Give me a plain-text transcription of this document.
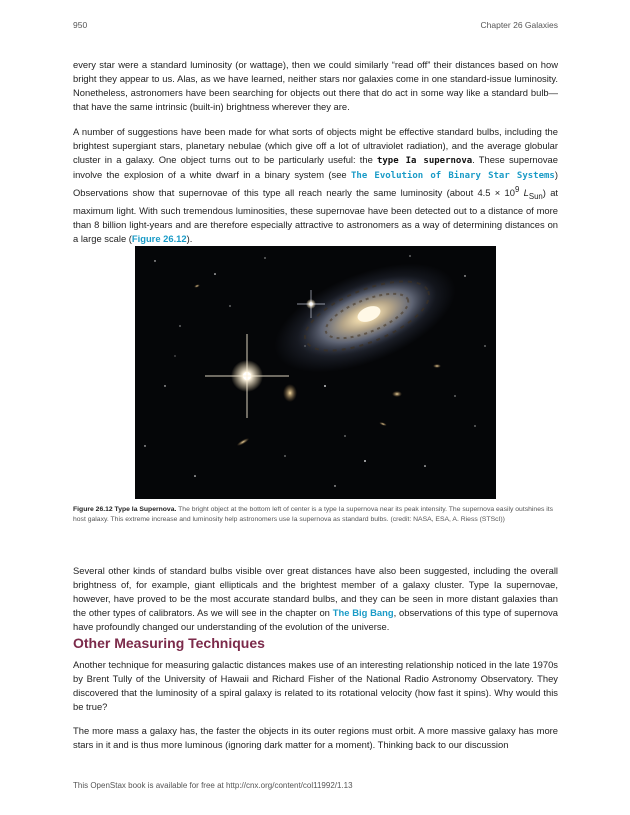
950	Chapter 26 Galaxies

every star were a standard luminosity (or wattage), then we could similarly “read off” their distances based on how bright they appear to us. Alas, as we have learned, neither stars nor galaxies come in one standard-issue luminosity. Nonetheless, astronomers have been searching for objects out there that do act in some way like a standard bulb—that have the same intrinsic (built-in) brightness wherever they are.

A number of suggestions have been made for what sorts of objects might be effective standard bulbs, including the brightest supergiant stars, planetary nebulae (which give off a lot of ultraviolet radiation), and the average globular cluster in a galaxy. One object turns out to be particularly useful: the type Ia supernova. These supernovae involve the explosion of a white dwarf in a binary system (see The Evolution of Binary Star Systems) Observations show that supernovae of this type all reach nearly the same luminosity (about $4.5 \times 10^9$ $L_{Sun}$) at maximum light. With such tremendous luminosities, these supernovae have been detected out to a distance of more than 8 billion light-years and are therefore especially attractive to astronomers as a way of determining distances on a large scale (Figure 26.12).

Figure 26.12 Type Ia Supernova. The bright object at the bottom left of center is a type Ia supernova near its peak intensity. The supernova easily outshines its host galaxy. This extreme increase and luminosity help astronomers use Ia supernova as standard bulbs. (credit: NASA, ESA, A. Riess (STScI))

Several other kinds of standard bulbs visible over great distances have also been suggested, including the overall brightness of, for example, giant ellipticals and the brightest member of a galaxy cluster. Type Ia supernovae, however, have proved to be the most accurate standard bulbs, and they can be seen in more distant galaxies than the other types of calibrators. As we will see in the chapter on The Big Bang, observations of this type of supernova have profoundly changed our understanding of the evolution of the universe.

Other Measuring Techniques

Another technique for measuring galactic distances makes use of an interesting relationship noticed in the late 1970s by Brent Tully of the University of Hawaii and Richard Fisher of the National Radio Astronomy Observatory. They discovered that the luminosity of a spiral galaxy is related to its rotational velocity (how fast it spins). Why would this be true?

The more mass a galaxy has, the faster the objects in its outer regions must orbit. A more massive galaxy has more stars in it and is thus more luminous (ignoring dark matter for a moment). Thinking back to our discussion

This OpenStax book is available for free at http://cnx.org/content/col11992/1.13
